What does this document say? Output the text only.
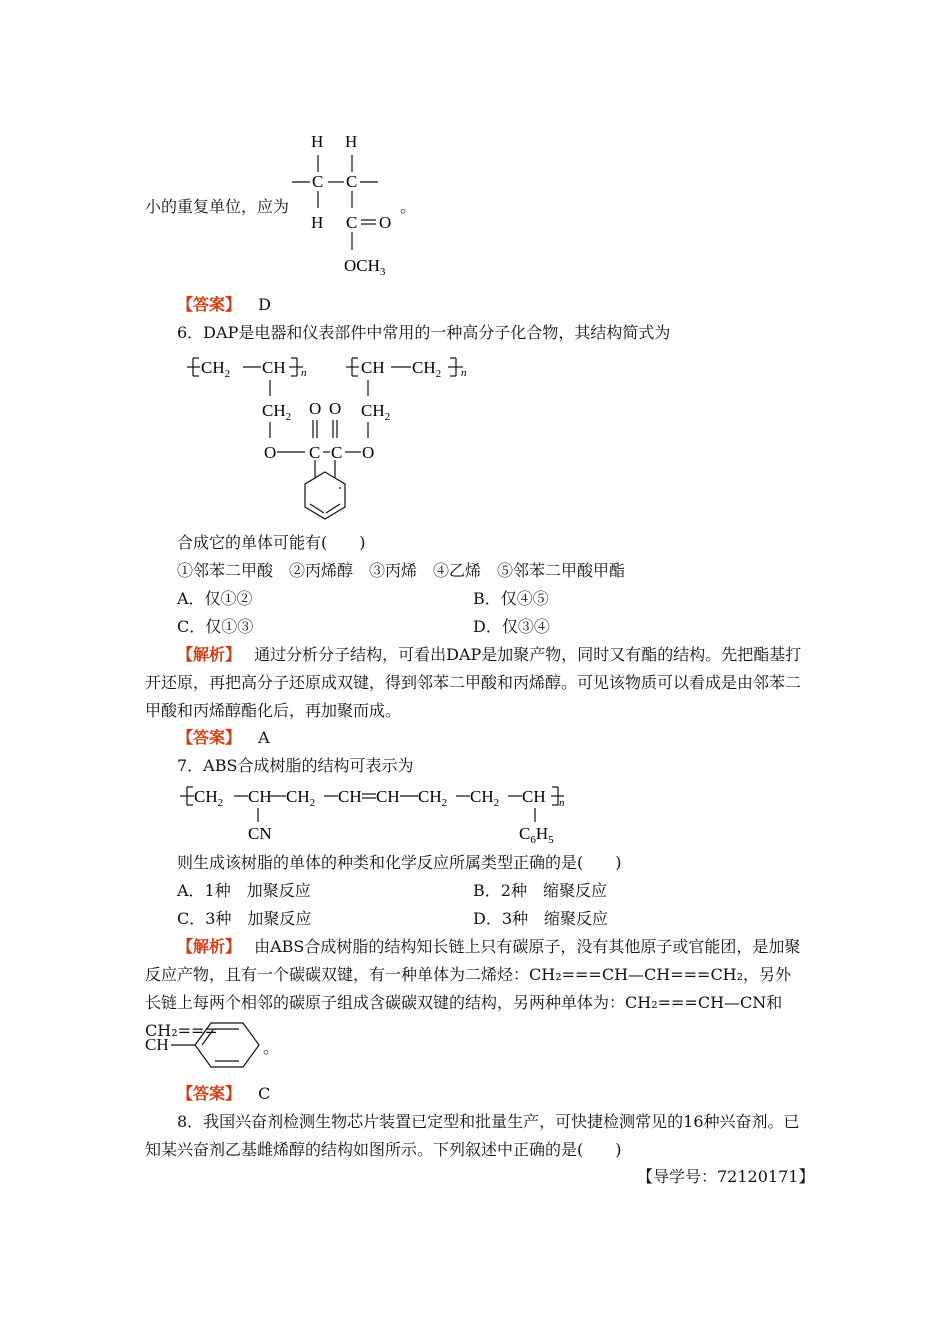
小的重复单位，应为
H H
C C
H C O
$OCH_3$
。
【答案】 D
6．DAP是电器和仪表部件中常用的一种高分子化合物，其结构简式为
$CH_2$ CH n	CH $CH_2$ n
$CH_2$ O O $CH_2$
O C C O
合成它的单体可能有(　　)
①邻苯二甲酸　②丙烯醇　③丙烯　④乙烯　⑤邻苯二甲酸甲酯
A．仅①②	B．仅④⑤
C．仅①③	D．仅③④
【解析】 通过分析分子结构，可看出DAP是加聚产物，同时又有酯的结构。先把酯基打开还原，再把高分子还原成双键，得到邻苯二甲酸和丙烯醇。可见该物质可以看成是由邻苯二甲酸和丙烯醇酯化后，再加聚而成。
【答案】 A
7．ABS合成树脂的结构可表示为
$CH_2$ CH $CH_2$ CH CH $CH_2$ $CH_2$ CH n
CN	$C_6H_5$
则生成该树脂的单体的种类和化学反应所属类型正确的是(　　)
A．1种　加聚反应	B．2种　缩聚反应
C．3种　加聚反应	D．3种　缩聚反应
【解析】 由ABS合成树脂的结构知长链上只有碳原子，没有其他原子或官能团，是加聚反应产物，且有一个碳碳双键，有一种单体为二烯烃：CH₂===CH—CH===CH₂，另外长链上每两个相邻的碳原子组成含碳碳双键的结构，另两种单体为：CH₂===CH—CN和CH₂===
CH	。
【答案】 C
8．我国兴奋剂检测生物芯片装置已定型和批量生产，可快捷检测常见的16种兴奋剂。已知某兴奋剂乙基雌烯醇的结构如图所示。下列叙述中正确的是(　　)
【导学号：72120171】
